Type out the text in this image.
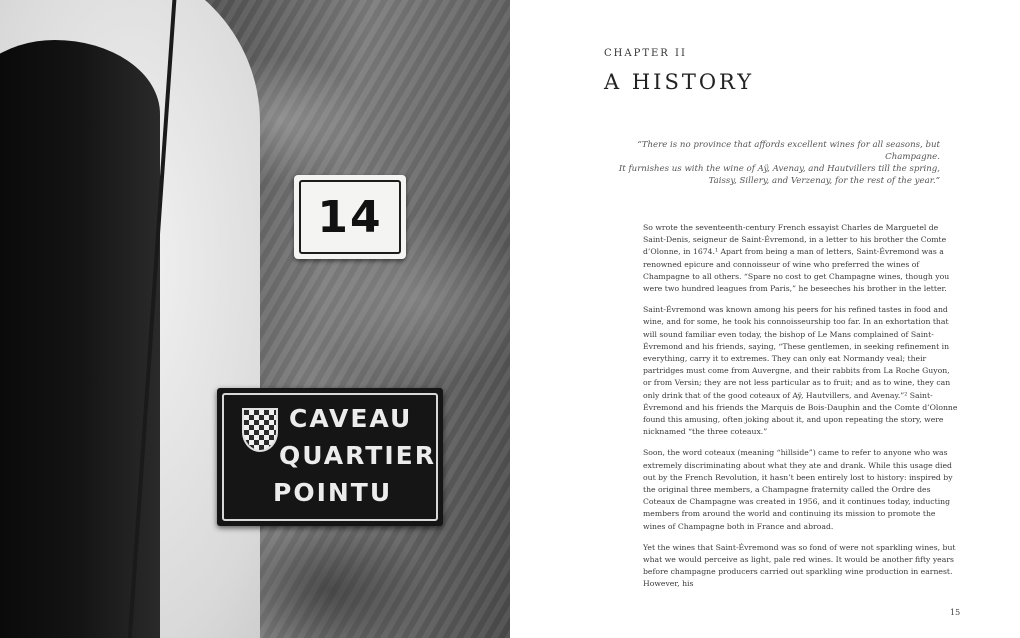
14
CAVEAU
QUARTIER
POINTU
CHAPTER II
A HISTORY
“There is no province that affords excellent wines for all seasons, but Champagne.
It furnishes us with the wine of Aÿ, Avenay, and Hautvillers till the spring,
Taissy, Sillery, and Verzenay, for the rest of the year.”

So wrote the seventeenth-century French essayist Charles de Marguetel de Saint-Denis, seigneur de Saint-Évremond, in a letter to his brother the Comte d’Olonne, in 1674.¹ Apart from being a man of letters, Saint-Évremond was a renowned epicure and connoisseur of wine who preferred the wines of Champagne to all others. “Spare no cost to get Champagne wines, though you were two hundred leagues from Paris,” he beseeches his brother in the letter.

Saint-Évremond was known among his peers for his refined tastes in food and wine, and for some, he took his connoisseurship too far. In an exhortation that will sound familiar even today, the bishop of Le Mans complained of Saint-Évremond and his friends, saying, “These gentlemen, in seeking refinement in everything, carry it to extremes. They can only eat Normandy veal; their partridges must come from Auvergne, and their rabbits from La Roche Guyon, or from Versin; they are not less particular as to fruit; and as to wine, they can only drink that of the good coteaux of Aÿ, Hautvillers, and Avenay.”² Saint-Évremond and his friends the Marquis de Bois-Dauphin and the Comte d’Olonne found this amusing, often joking about it, and upon repeating the story, were nicknamed “the three coteaux.”

Soon, the word coteaux (meaning “hillside”) came to refer to anyone who was extremely discriminating about what they ate and drank. While this usage died out by the French Revolution, it hasn’t been entirely lost to history: inspired by the original three members, a Champagne fraternity called the Ordre des Coteaux de Champagne was created in 1956, and it continues today, inducting members from around the world and continuing its mission to promote the wines of Champagne both in France and abroad.

Yet the wines that Saint-Évremond was so fond of were not sparkling wines, but what we would perceive as light, pale red wines. It would be another fifty years before champagne producers carried out sparkling wine production in earnest. However, his

15
